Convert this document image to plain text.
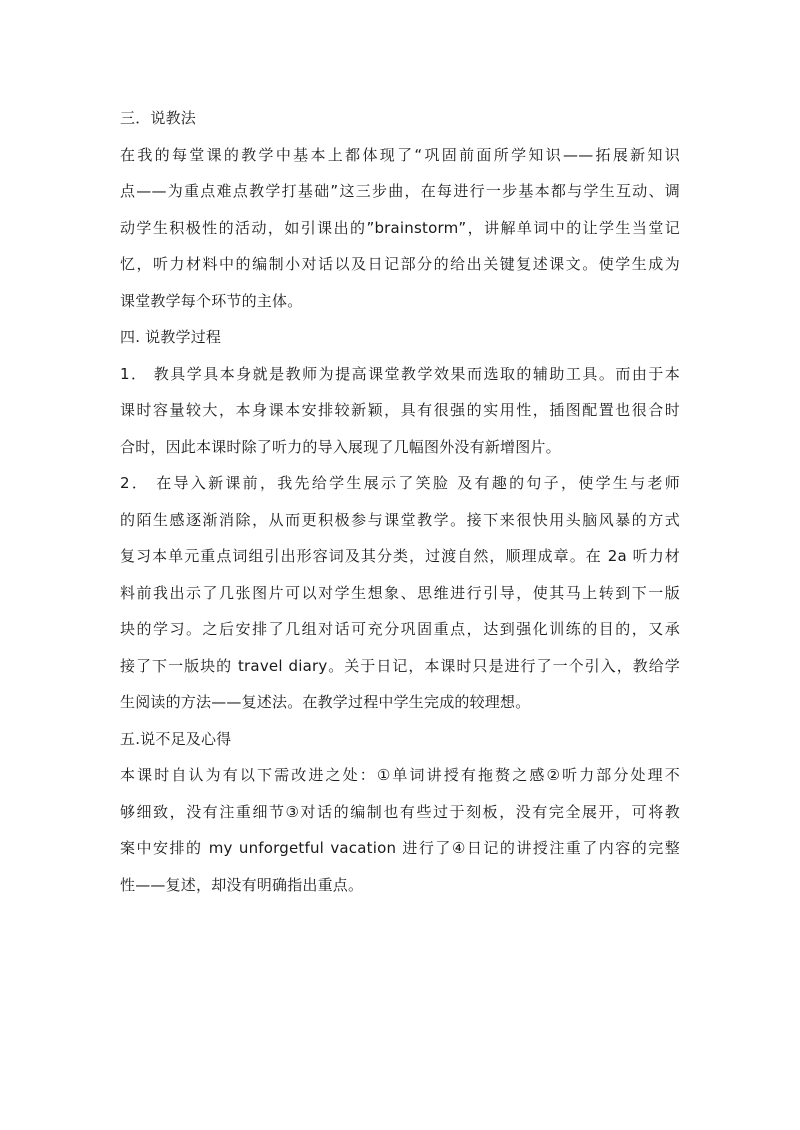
三．说教法
在我的每堂课的教学中基本上都体现了“巩固前面所学知识——拓展新知识
点——为重点难点教学打基础”这三步曲，在每进行一步基本都与学生互动、调
动学生积极性的活动，如引课出的”brainstorm”，讲解单词中的让学生当堂记
忆，听力材料中的编制小对话以及日记部分的给出关键复述课文。使学生成为
课堂教学每个环节的主体。
四. 说教学过程
1． 教具学具本身就是教师为提高课堂教学效果而选取的辅助工具。而由于本
课时容量较大，本身课本安排较新颖，具有很强的实用性，插图配置也很合时
合时，因此本课时除了听力的导入展现了几幅图外没有新增图片。
2． 在导入新课前，我先给学生展示了笑脸 及有趣的句子，使学生与老师
的陌生感逐渐消除，从而更积极参与课堂教学。接下来很快用头脑风暴的方式
复习本单元重点词组引出形容词及其分类，过渡自然，顺理成章。在 2a 听力材
料前我出示了几张图片可以对学生想象、思维进行引导，使其马上转到下一版
块的学习。之后安排了几组对话可充分巩固重点，达到强化训练的目的，又承
接了下一版块的 travel diary。关于日记，本课时只是进行了一个引入，教给学
生阅读的方法——复述法。在教学过程中学生完成的较理想。
五.说不足及心得
本课时自认为有以下需改进之处：①单词讲授有拖赘之感②听力部分处理不
够细致，没有注重细节③对话的编制也有些过于刻板，没有完全展开，可将教
案中安排的 my unforgetful vacation 进行了④日记的讲授注重了内容的完整
性——复述，却没有明确指出重点。
